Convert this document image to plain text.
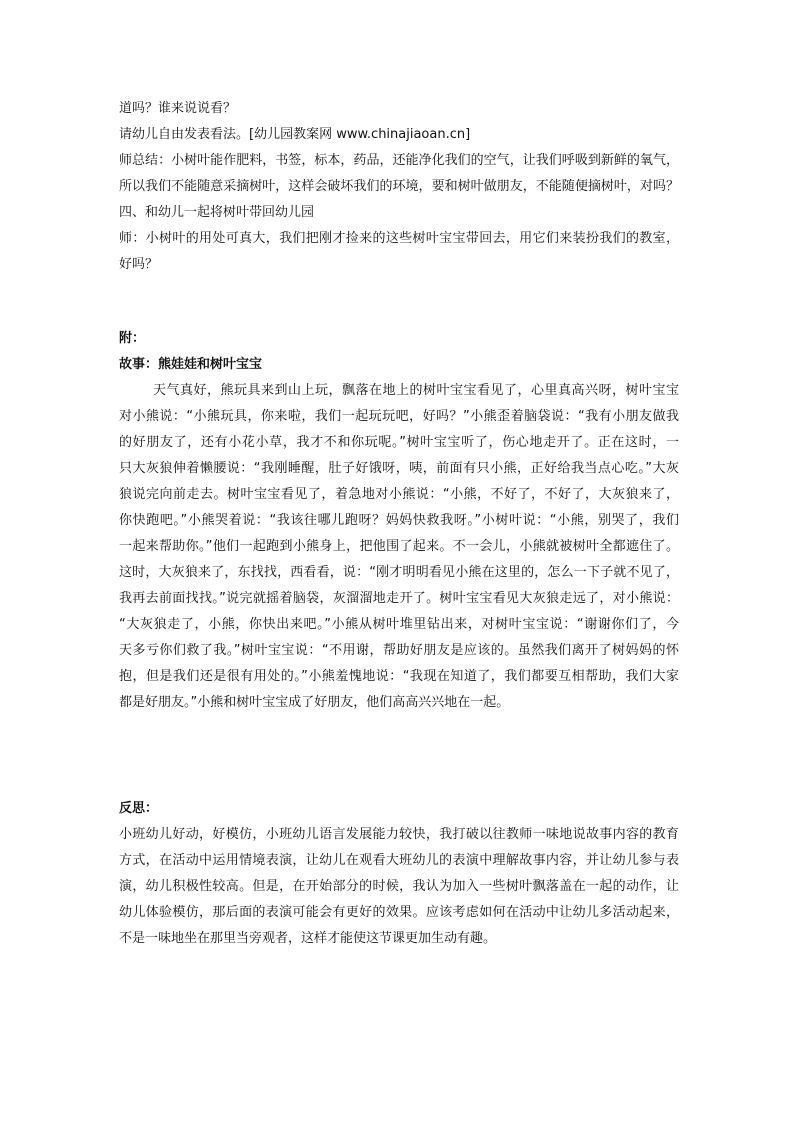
道吗？谁来说说看？
请幼儿自由发表看法。[幼儿园教案网 www.chinajiaoan.cn]
师总结：小树叶能作肥料，书签，标本，药品，还能净化我们的空气，让我们呼吸到新鲜的氧气，
所以我们不能随意采摘树叶，这样会破坏我们的环境，要和树叶做朋友，不能随便摘树叶，对吗？
四、和幼儿一起将树叶带回幼儿园
师：小树叶的用处可真大，我们把刚才捡来的这些树叶宝宝带回去，用它们来装扮我们的教室，
好吗？
附：
故事：熊娃娃和树叶宝宝
天气真好，熊玩具来到山上玩，飘落在地上的树叶宝宝看见了，心里真高兴呀，树叶宝宝
对小熊说：“小熊玩具，你来啦，我们一起玩玩吧，好吗？”小熊歪着脑袋说：“我有小朋友做我
的好朋友了，还有小花小草，我才不和你玩呢。”树叶宝宝听了，伤心地走开了。正在这时，一
只大灰狼伸着懒腰说：“我刚睡醒，肚子好饿呀，咦，前面有只小熊，正好给我当点心吃。”大灰
狼说完向前走去。树叶宝宝看见了，着急地对小熊说：“小熊，不好了，不好了，大灰狼来了，
你快跑吧。”小熊哭着说：“我该往哪儿跑呀？妈妈快救我呀。”小树叶说：“小熊，别哭了，我们
一起来帮助你。”他们一起跑到小熊身上，把他围了起来。不一会儿，小熊就被树叶全都遮住了。
这时，大灰狼来了，东找找，西看看，说：“刚才明明看见小熊在这里的，怎么一下子就不见了，
我再去前面找找。”说完就摇着脑袋，灰溜溜地走开了。树叶宝宝看见大灰狼走远了，对小熊说：
“大灰狼走了，小熊，你快出来吧。”小熊从树叶堆里钻出来，对树叶宝宝说：“谢谢你们了，今
天多亏你们救了我。”树叶宝宝说：“不用谢，帮助好朋友是应该的。虽然我们离开了树妈妈的怀
抱，但是我们还是很有用处的。”小熊羞愧地说：“我现在知道了，我们都要互相帮助，我们大家
都是好朋友。”小熊和树叶宝宝成了好朋友，他们高高兴兴地在一起。
反思：
小班幼儿好动，好模仿，小班幼儿语言发展能力较快，我打破以往教师一味地说故事内容的教育
方式，在活动中运用情境表演，让幼儿在观看大班幼儿的表演中理解故事内容，并让幼儿参与表
演，幼儿积极性较高。但是，在开始部分的时候，我认为加入一些树叶飘落盖在一起的动作，让
幼儿体验模仿，那后面的表演可能会有更好的效果。应该考虑如何在活动中让幼儿多活动起来，
不是一味地坐在那里当旁观者，这样才能使这节课更加生动有趣。
